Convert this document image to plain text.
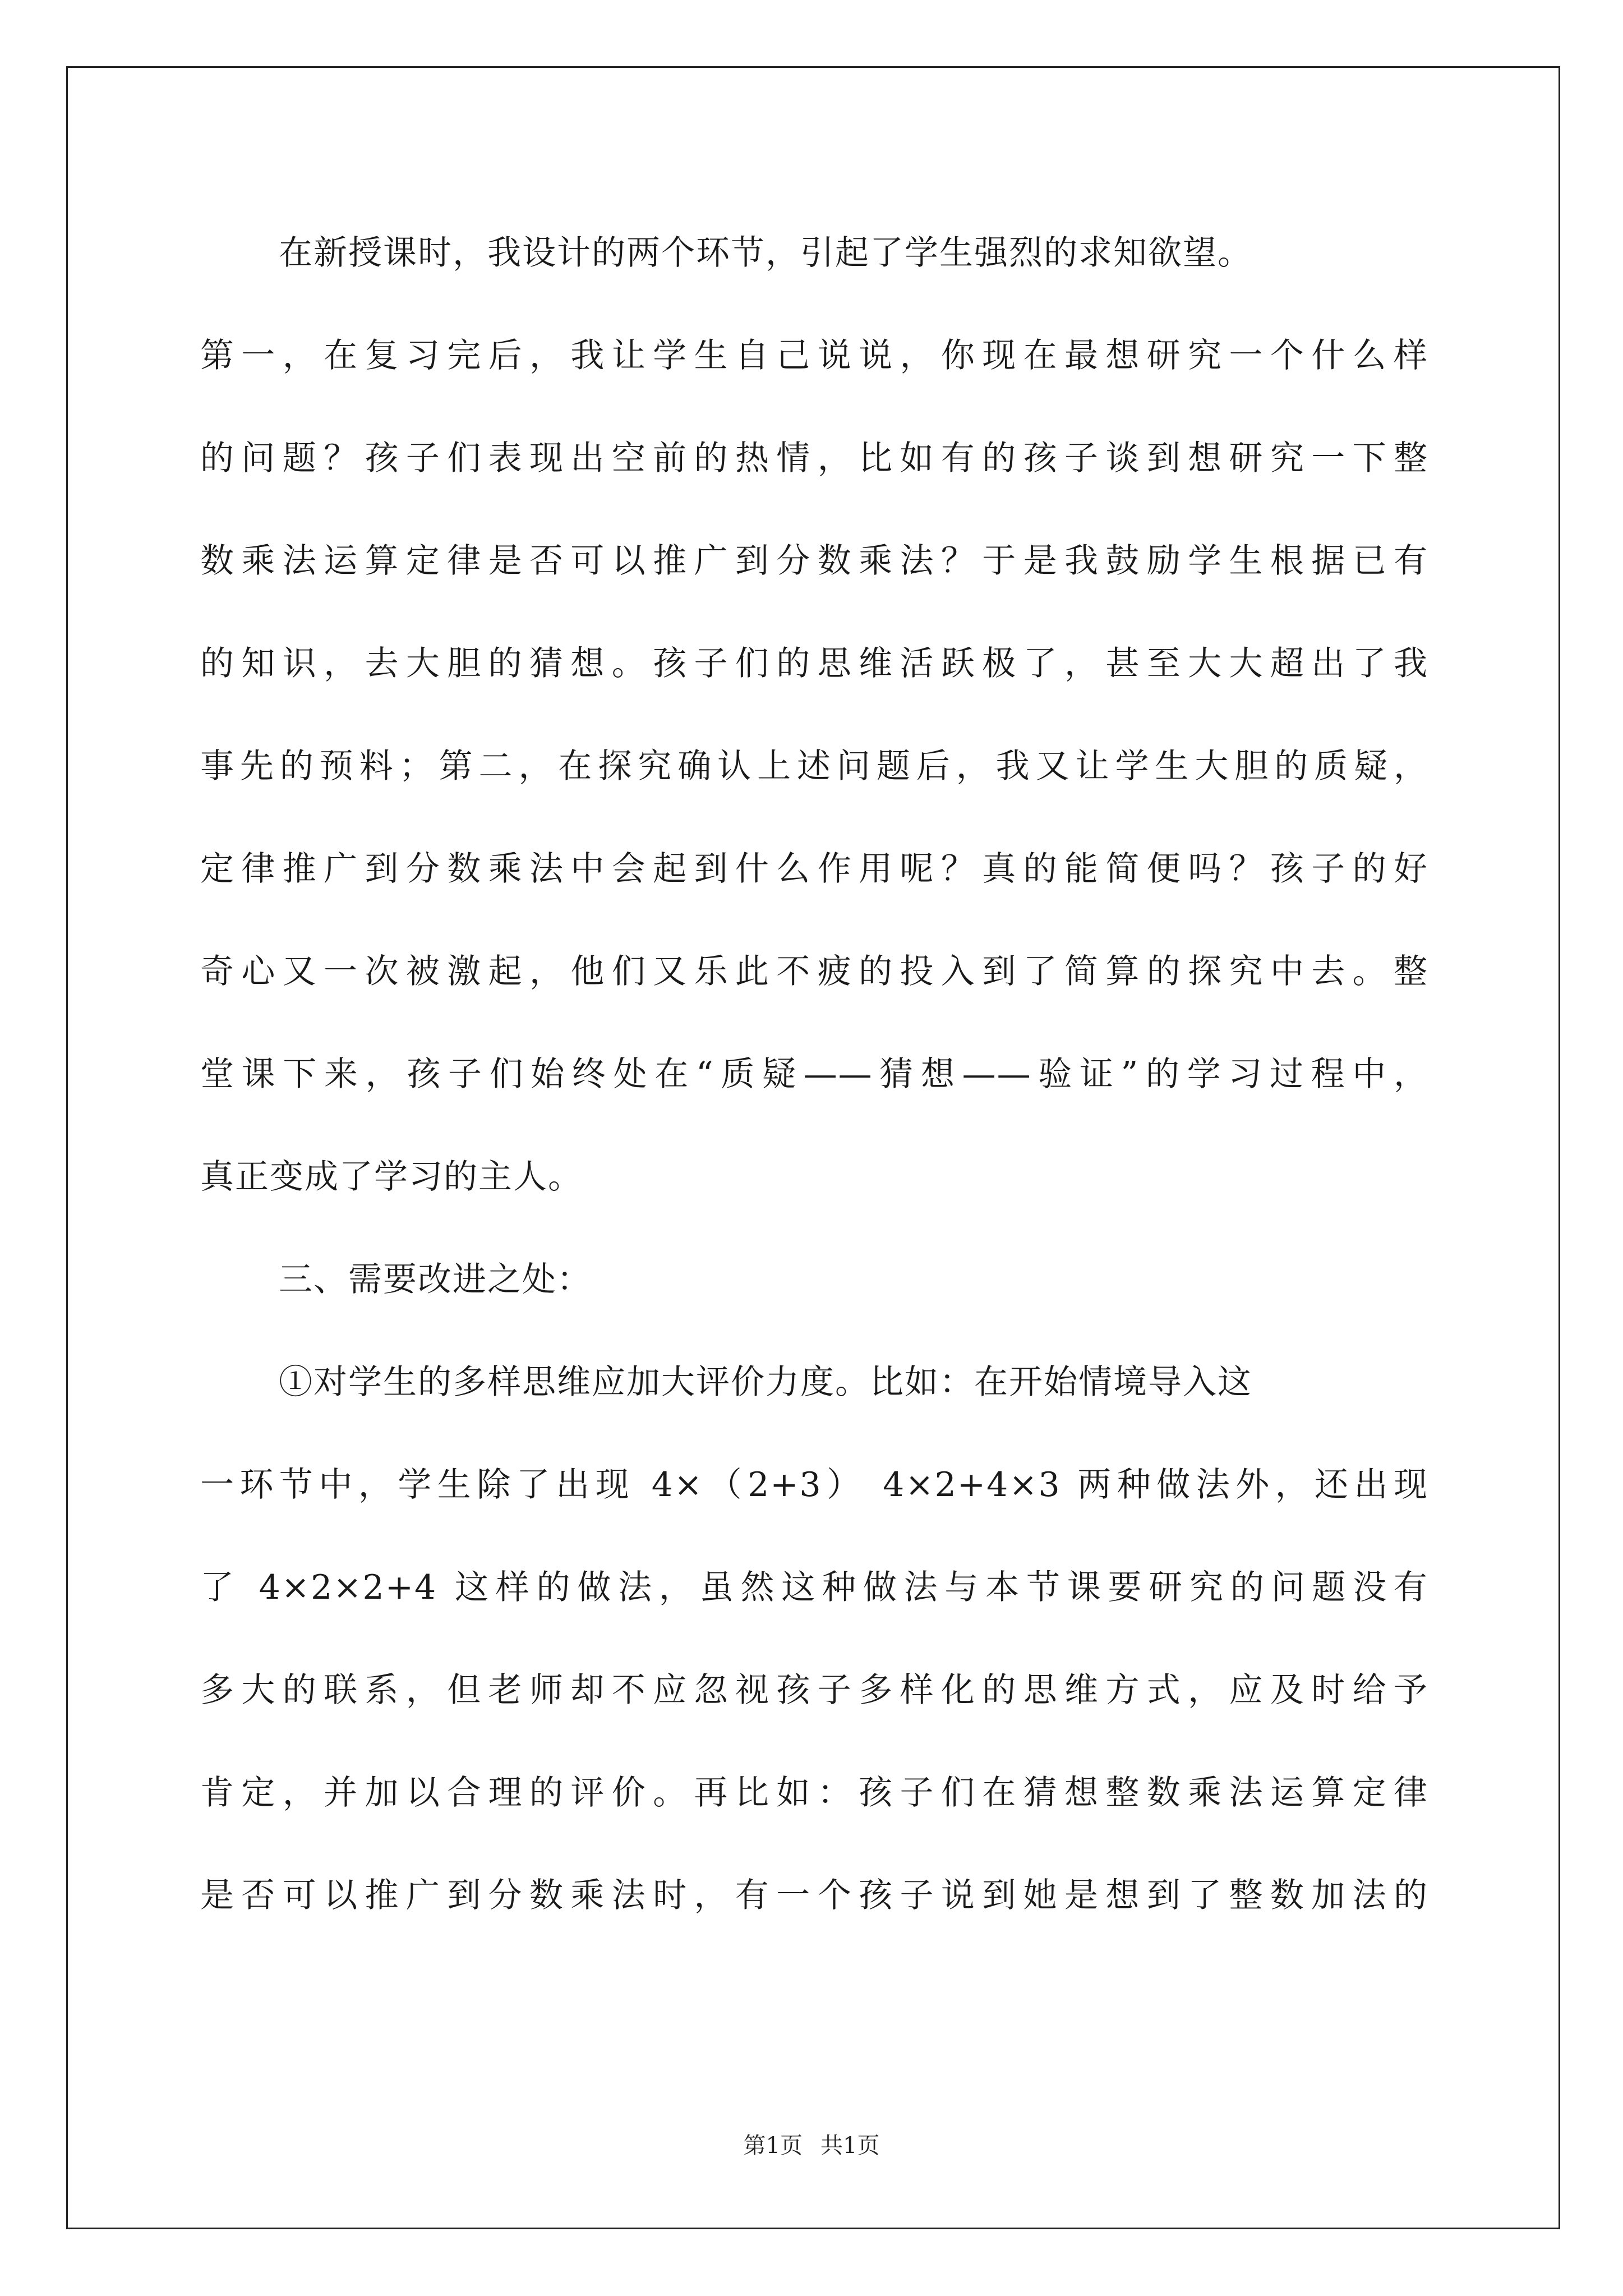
在新授课时，我设计的两个环节，引起了学生强烈的求知欲望。
第一，在复习完后，我让学生自己说说，你现在最想研究一个什么样
的问题？孩子们表现出空前的热情，比如有的孩子谈到想研究一下整
数乘法运算定律是否可以推广到分数乘法？于是我鼓励学生根据已有
的知识，去大胆的猜想。孩子们的思维活跃极了，甚至大大超出了我
事先的预料；第二，在探究确认上述问题后，我又让学生大胆的质疑，
定律推广到分数乘法中会起到什么作用呢？真的能简便吗？孩子的好
奇心又一次被激起，他们又乐此不疲的投入到了简算的探究中去。整
堂课下来，孩子们始终处在“质疑——猜想——验证”的学习过程中，
真正变成了学习的主人。
三、需要改进之处：
①对学生的多样思维应加大评价力度。比如：在开始情境导入这
一环节中，学生除了出现 4×（2+3） 4×2+4×3 两种做法外，还出现
了 4×2×2+4 这样的做法，虽然这种做法与本节课要研究的问题没有
多大的联系，但老师却不应忽视孩子多样化的思维方式，应及时给予
肯定，并加以合理的评价。再比如：孩子们在猜想整数乘法运算定律
是否可以推广到分数乘法时，有一个孩子说到她是想到了整数加法的
第1页 共1页
